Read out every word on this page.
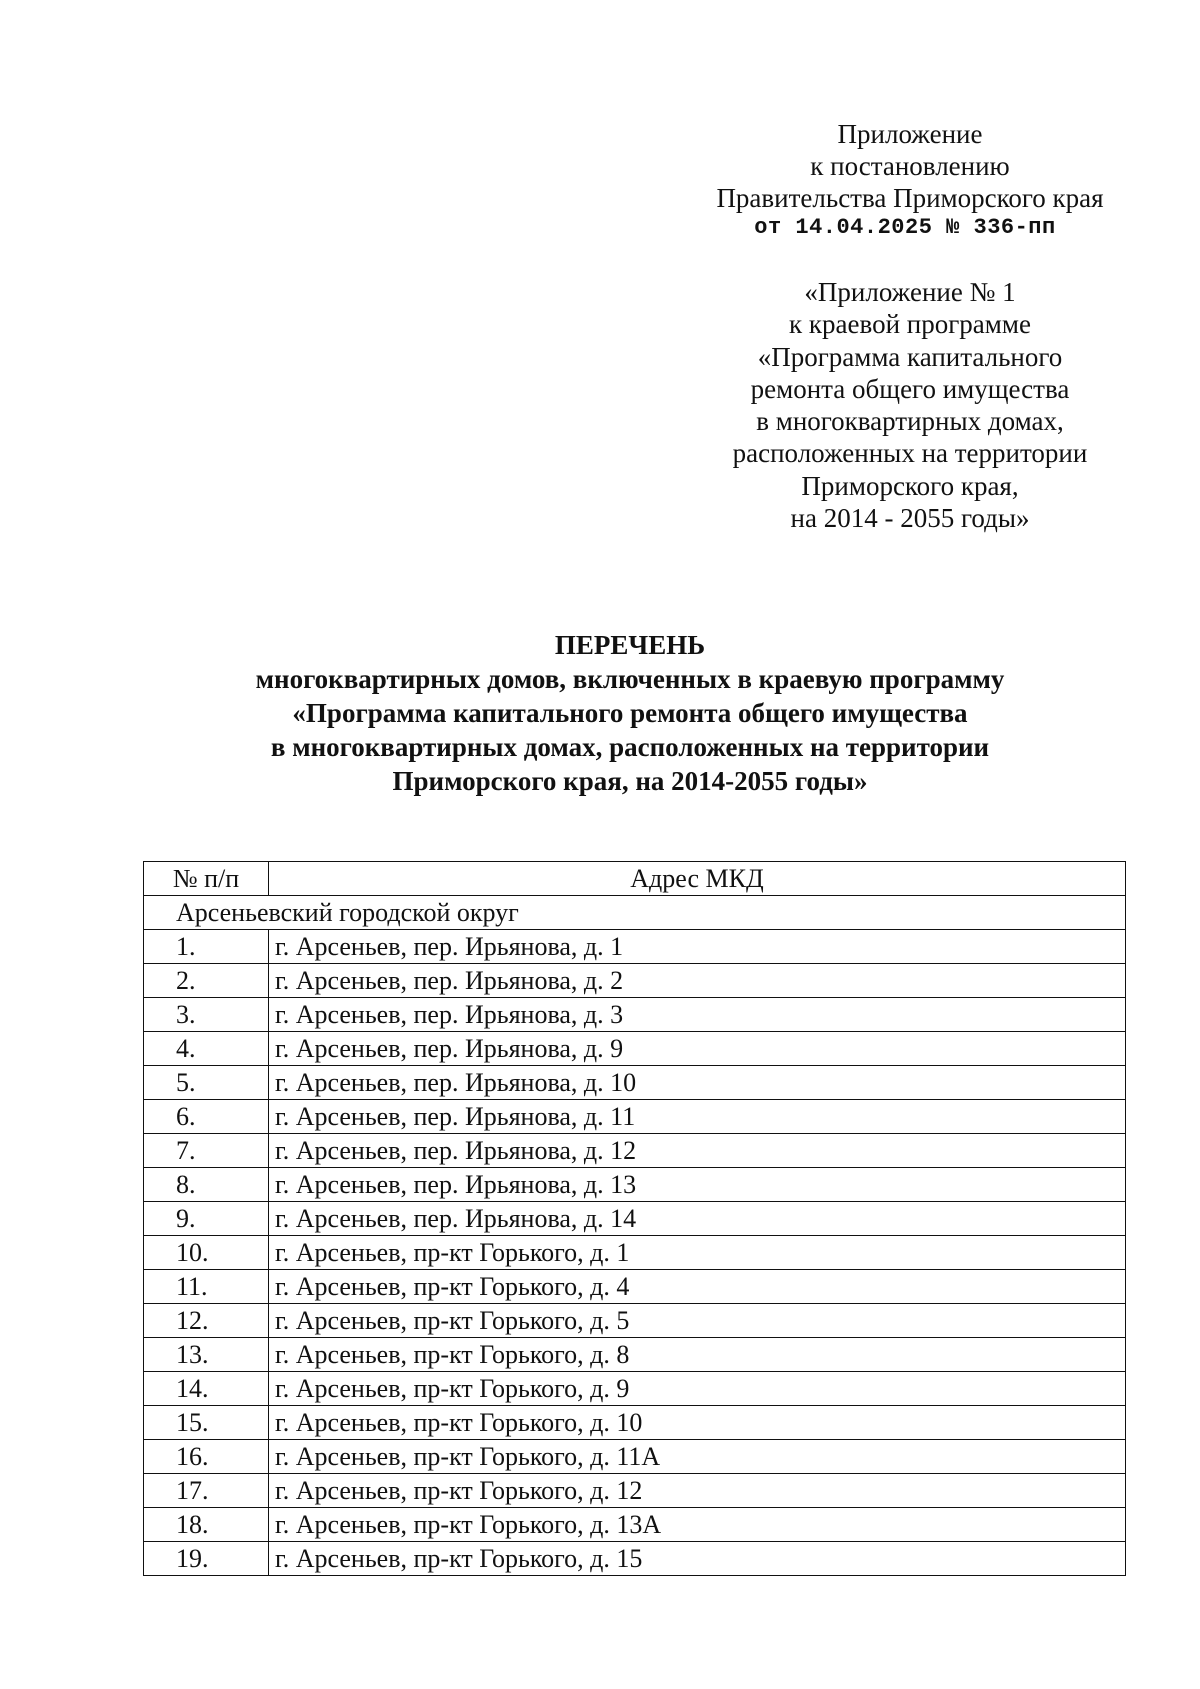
Приложение
к постановлению
Правительства Приморского края
от 14.04.2025 № 336-пп
«Приложение № 1
к краевой программе
«Программа капитального
ремонта общего имущества
в многоквартирных домах,
расположенных на территории
Приморского края,
на 2014 - 2055 годы»
ПЕРЕЧЕНЬ
многоквартирных домов, включенных в краевую программу
«Программа капитального ремонта общего имущества
в многоквартирных домах, расположенных на территории
Приморского края, на 2014-2055 годы»
№ п/п	Адрес МКД
Арсеньевский городской округ	
1.	г. Арсеньев, пер. Ирьянова, д. 1
2.	г. Арсеньев, пер. Ирьянова, д. 2
3.	г. Арсеньев, пер. Ирьянова, д. 3
4.	г. Арсеньев, пер. Ирьянова, д. 9
5.	г. Арсеньев, пер. Ирьянова, д. 10
6.	г. Арсеньев, пер. Ирьянова, д. 11
7.	г. Арсеньев, пер. Ирьянова, д. 12
8.	г. Арсеньев, пер. Ирьянова, д. 13
9.	г. Арсеньев, пер. Ирьянова, д. 14
10.	г. Арсеньев, пр-кт Горького, д. 1
11.	г. Арсеньев, пр-кт Горького, д. 4
12.	г. Арсеньев, пр-кт Горького, д. 5
13.	г. Арсеньев, пр-кт Горького, д. 8
14.	г. Арсеньев, пр-кт Горького, д. 9
15.	г. Арсеньев, пр-кт Горького, д. 10
16.	г. Арсеньев, пр-кт Горького, д. 11А
17.	г. Арсеньев, пр-кт Горького, д. 12
18.	г. Арсеньев, пр-кт Горького, д. 13А
19.	г. Арсеньев, пр-кт Горького, д. 15
